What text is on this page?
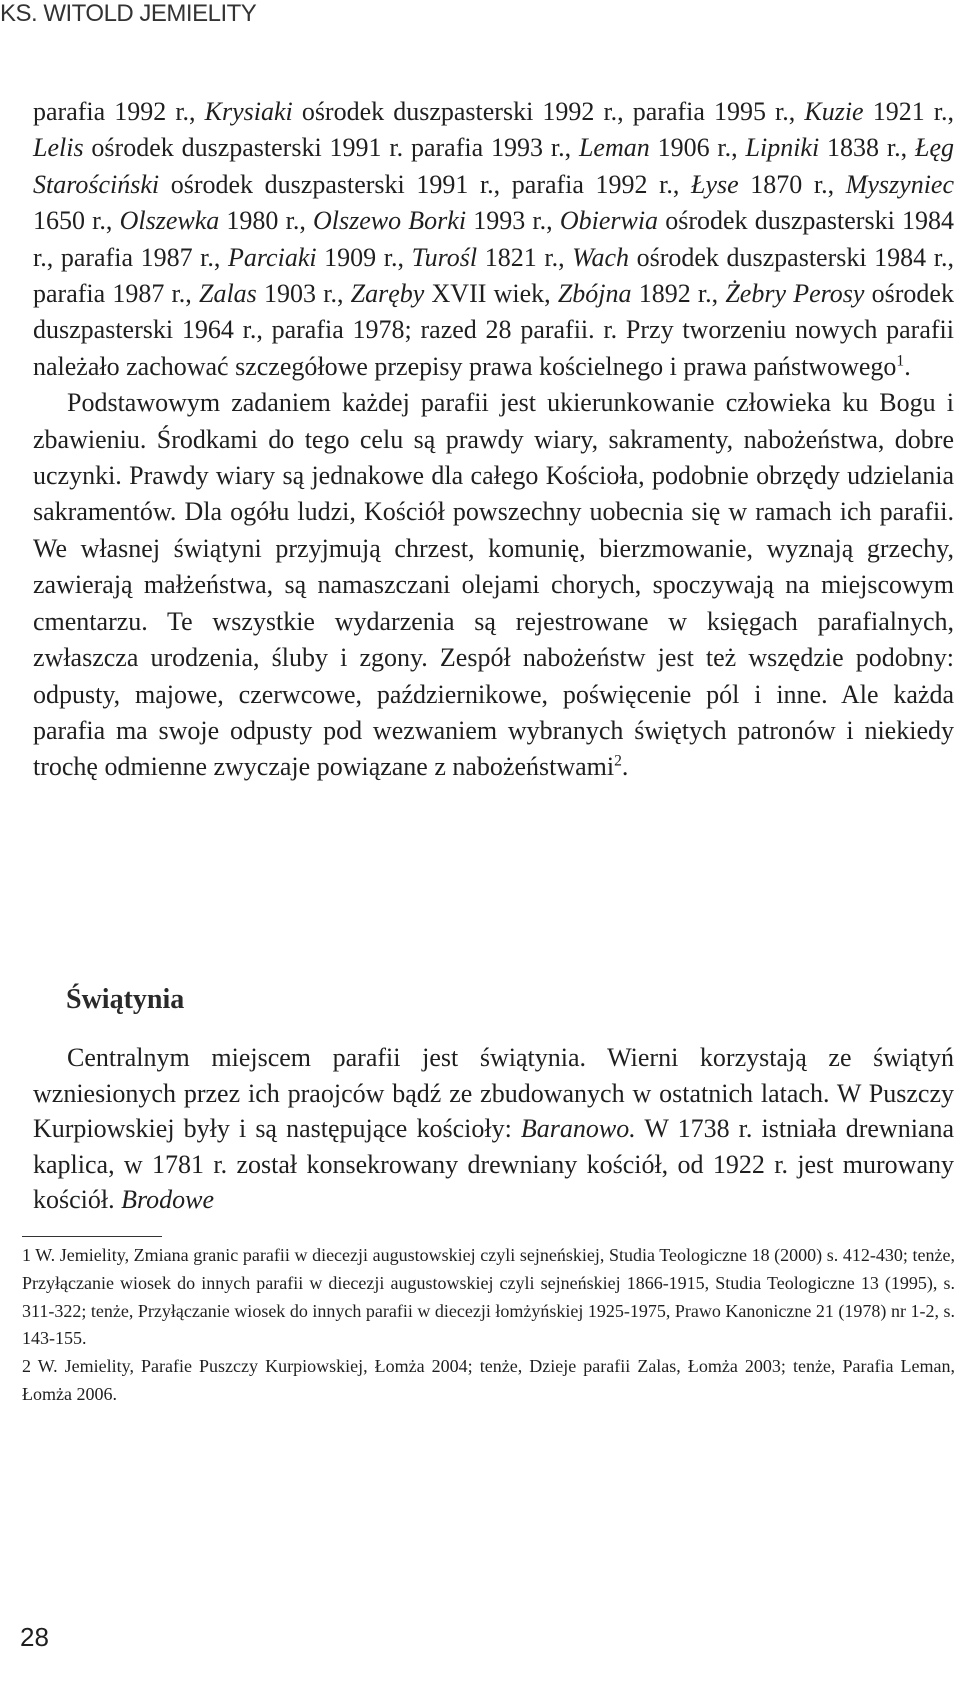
KS. WITOLD JEMIELITY

parafia 1992 r., Krysiaki ośrodek duszpasterski 1992 r., parafia 1995 r., Kuzie 1921 r., Lelis ośrodek duszpasterski 1991 r. parafia 1993 r., Leman 1906 r., Lipniki 1838 r., Łęg Starościński ośrodek duszpasterski 1991 r., parafia 1992 r., Łyse 1870 r., Myszyniec 1650 r., Olszewka 1980 r., Olszewo Borki 1993 r., Obierwia ośrodek duszpasterski 1984 r., parafia 1987 r., Parciaki 1909 r., Turośl 1821 r., Wach ośrodek duszpasterski 1984 r., parafia 1987 r., Zalas 1903 r., Zaręby XVII wiek, Zbójna 1892 r., Żebry Perosy ośrodek duszpasterski 1964 r., parafia 1978; razed 28 parafii. r. Przy tworzeniu nowych parafii należało zachować szczegółowe przepisy prawa kościelnego i prawa państwowego$^1$.

Podstawowym zadaniem każdej parafii jest ukierunkowanie człowieka ku Bogu i zbawieniu. Środkami do tego celu są prawdy wiary, sakramenty, nabożeństwa, dobre uczynki. Prawdy wiary są jednakowe dla całego Kościoła, podobnie obrzędy udzielania sakramentów. Dla ogółu ludzi, Kościół powszechny uobecnia się w ramach ich parafii. We własnej świątyni przyjmują chrzest, komunię, bierzmowanie, wyznają grzechy, zawierają małżeństwa, są namaszczani olejami chorych, spoczywają na miejscowym cmentarzu. Te wszystkie wydarzenia są rejestrowane w księgach parafialnych, zwłaszcza urodzenia, śluby i zgony. Zespół nabożeństw jest też wszędzie podobny: odpusty, majowe, czerwcowe, październikowe, poświęcenie pól i inne. Ale każda parafia ma swoje odpusty pod wezwaniem wybranych świętych patronów i niekiedy trochę odmienne zwyczaje powiązane z nabożeństwami$^2$.

Świątynia

Centralnym miejscem parafii jest świątynia. Wierni korzystają ze świątyń wzniesionych przez ich praojców bądź ze zbudowanych w ostatnich latach. W Puszczy Kurpiowskiej były i są następujące kościoły: Baranowo. W 1738 r. istniała drewniana kaplica, w 1781 r. został konsekrowany drewniany kościół, od 1922 r. jest murowany kościół. Brodowe

1 W. Jemielity, Zmiana granic parafii w diecezji augustowskiej czyli sejneńskiej, Studia Teologiczne 18 (2000) s. 412-430; tenże, Przyłączanie wiosek do innych parafii w diecezji augustowskiej czyli sejneńskiej 1866-1915, Studia Teologiczne 13 (1995), s. 311-322; tenże, Przyłączanie wiosek do innych parafii w diecezji łomżyńskiej 1925-1975, Prawo Kanoniczne 21 (1978) nr 1-2, s. 143-155.

2 W. Jemielity, Parafie Puszczy Kurpiowskiej, Łomża 2004; tenże, Dzieje parafii Zalas, Łomża 2003; tenże, Parafia Leman, Łomża 2006.

28
